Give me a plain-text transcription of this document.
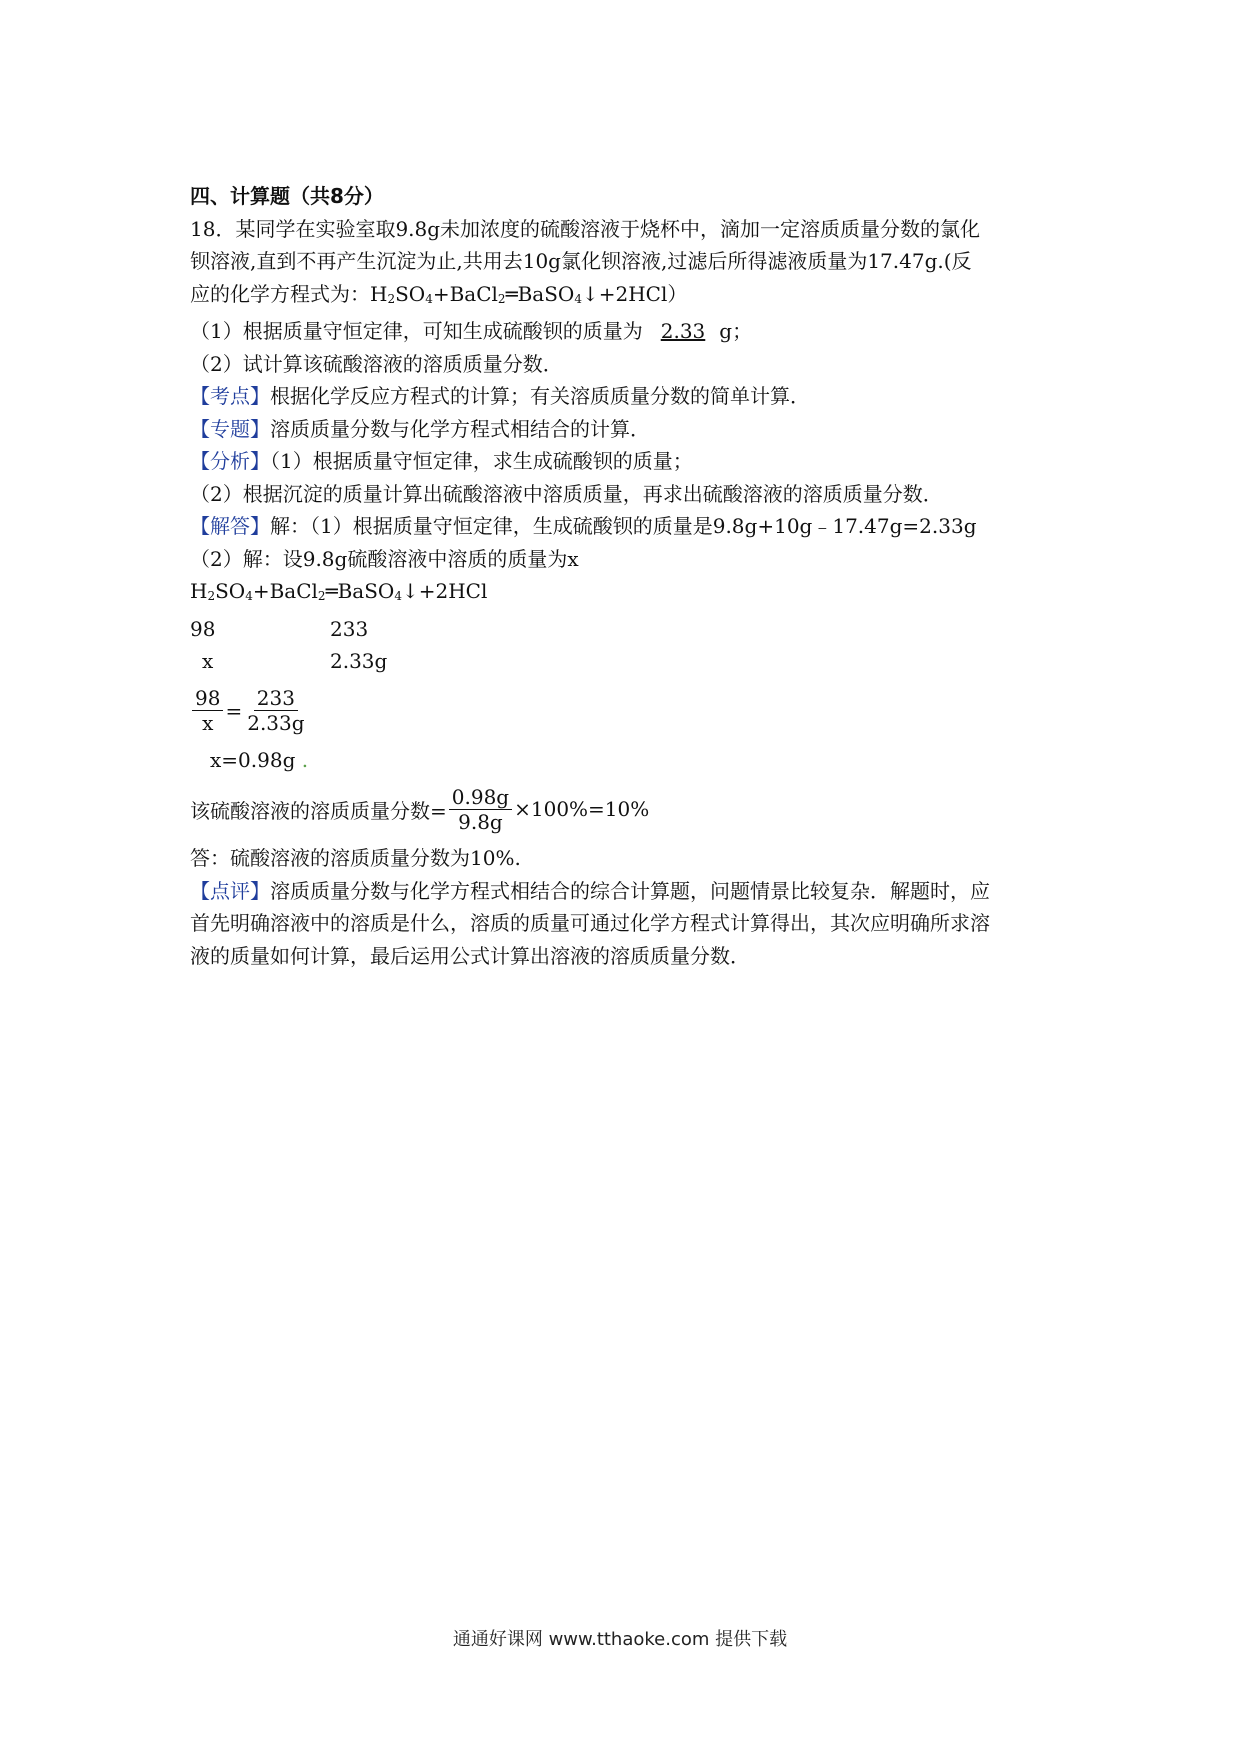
四、计算题（共8分）
18．某同学在实验室取9.8g未加浓度的硫酸溶液于烧杯中，滴加一定溶质质量分数的氯化
钡溶液,直到不再产生沉淀为止,共用去10g氯化钡溶液,过滤后所得滤液质量为17.47g.(反
应的化学方程式为：H2SO4+BaCl2═BaSO4↓+2HCl）
（1）根据质量守恒定律，可知生成硫酸钡的质量为 2.33 g；
（2）试计算该硫酸溶液的溶质质量分数．
【考点】根据化学反应方程式的计算；有关溶质质量分数的简单计算．
【专题】溶质质量分数与化学方程式相结合的计算．
【分析】（1）根据质量守恒定律，求生成硫酸钡的质量；
（2）根据沉淀的质量计算出硫酸溶液中溶质质量，再求出硫酸溶液的溶质质量分数．
【解答】解：（1）根据质量守恒定律，生成硫酸钡的质量是9.8g+10g﹣17.47g=2.33g
（2）解：设9.8g硫酸溶液中溶质的质量为x
H2SO4+BaCl2═BaSO4↓+2HCl
98	233
x	2.33g
$\frac{98}{x} = \frac{233}{2.33g}$
x=0.98g .
该硫酸溶液的溶质质量分数= $\frac{0.98g}{9.8g} \times 100\%=10\%$
答：硫酸溶液的溶质质量分数为10%.
【点评】溶质质量分数与化学方程式相结合的综合计算题，问题情景比较复杂．解题时，应
首先明确溶液中的溶质是什么，溶质的质量可通过化学方程式计算得出，其次应明确所求溶
液的质量如何计算，最后运用公式计算出溶液的溶质质量分数．
通通好课网 www.tthaoke.com 提供下载
